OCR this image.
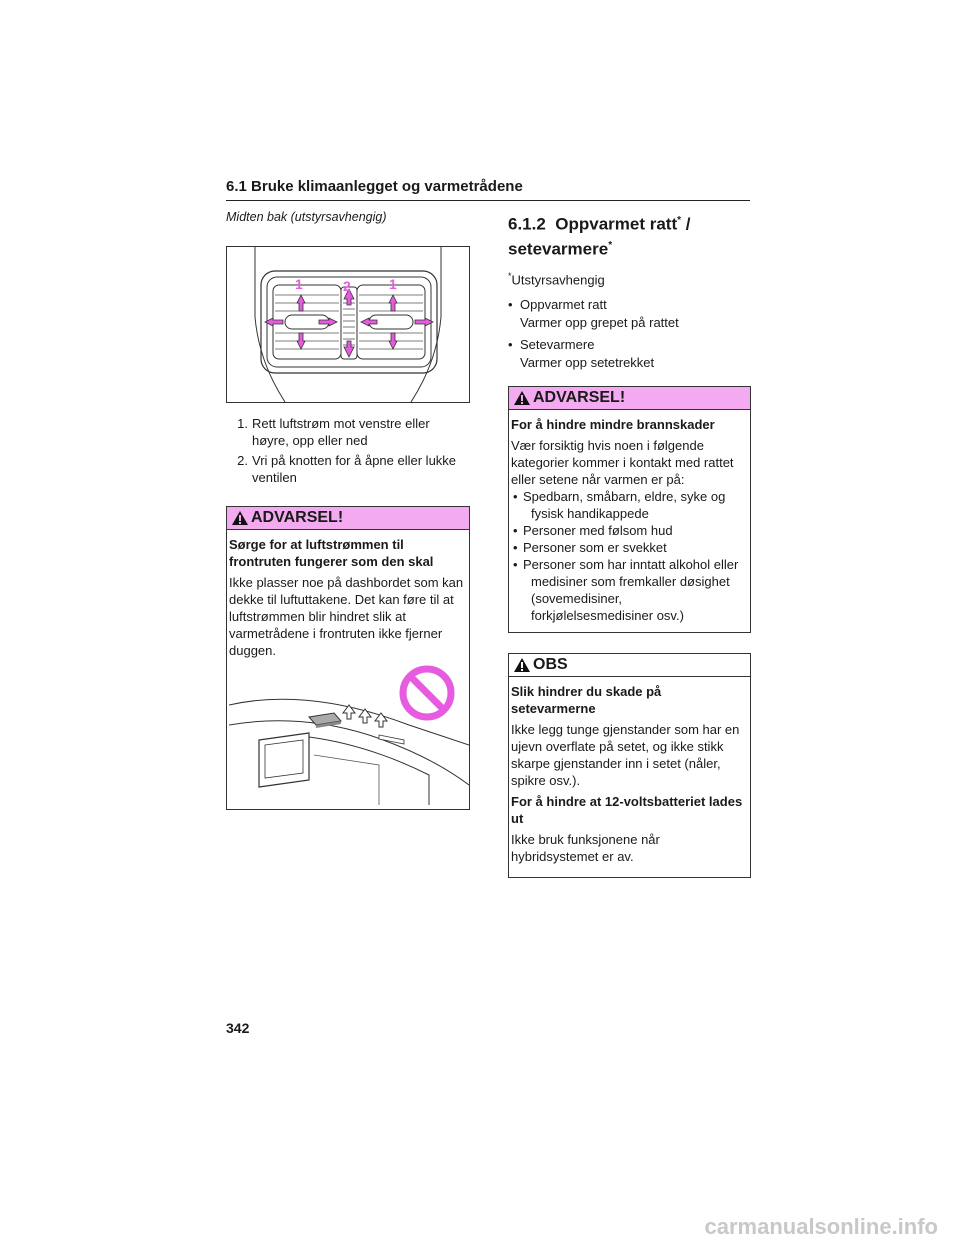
6.1 Bruke klimaanlegget og varmetrådene

Midten bak (utstyrsavhengig)

1	2	1
1. Rett luftstrøm mot venstre eller høyre, opp eller ned
2. Vri på knotten for å åpne eller lukke ventilen
ADVARSEL!

Sørge for at luftstrømmen til frontruten fungerer som den skal

Ikke plasser noe på dashbordet som kan dekke til luftuttakene. Det kan føre til at luftstrømmen blir hindret slik at varmetrådene i frontruten ikke fjerner duggen.

6.1.2 Oppvarmet ratt* /
setevarmere*

*Utstyrsavhengig

• Oppvarmet ratt
Varmer opp grepet på rattet
• Setevarmere
Varmer opp setetrekket
ADVARSEL!

For å hindre mindre brannskader

Vær forsiktig hvis noen i følgende kategorier kommer i kontakt med rattet eller setene når varmen er på:

• Spedbarn, småbarn, eldre, syke og fysisk handikappede
• Personer med følsom hud
• Personer som er svekket
• Personer som har inntatt alkohol eller medisiner som fremkaller døsighet (sovemedisiner, forkjølelsesmedisiner osv.)
OBS

Slik hindrer du skade på setevarmerne

Ikke legg tunge gjenstander som har en ujevn overflate på setet, og ikke stikk skarpe gjenstander inn i setet (nåler, spikre osv.).

For å hindre at 12-voltsbatteriet lades ut

Ikke bruk funksjonene når hybridsystemet er av.

342
carmanualsonline.info
